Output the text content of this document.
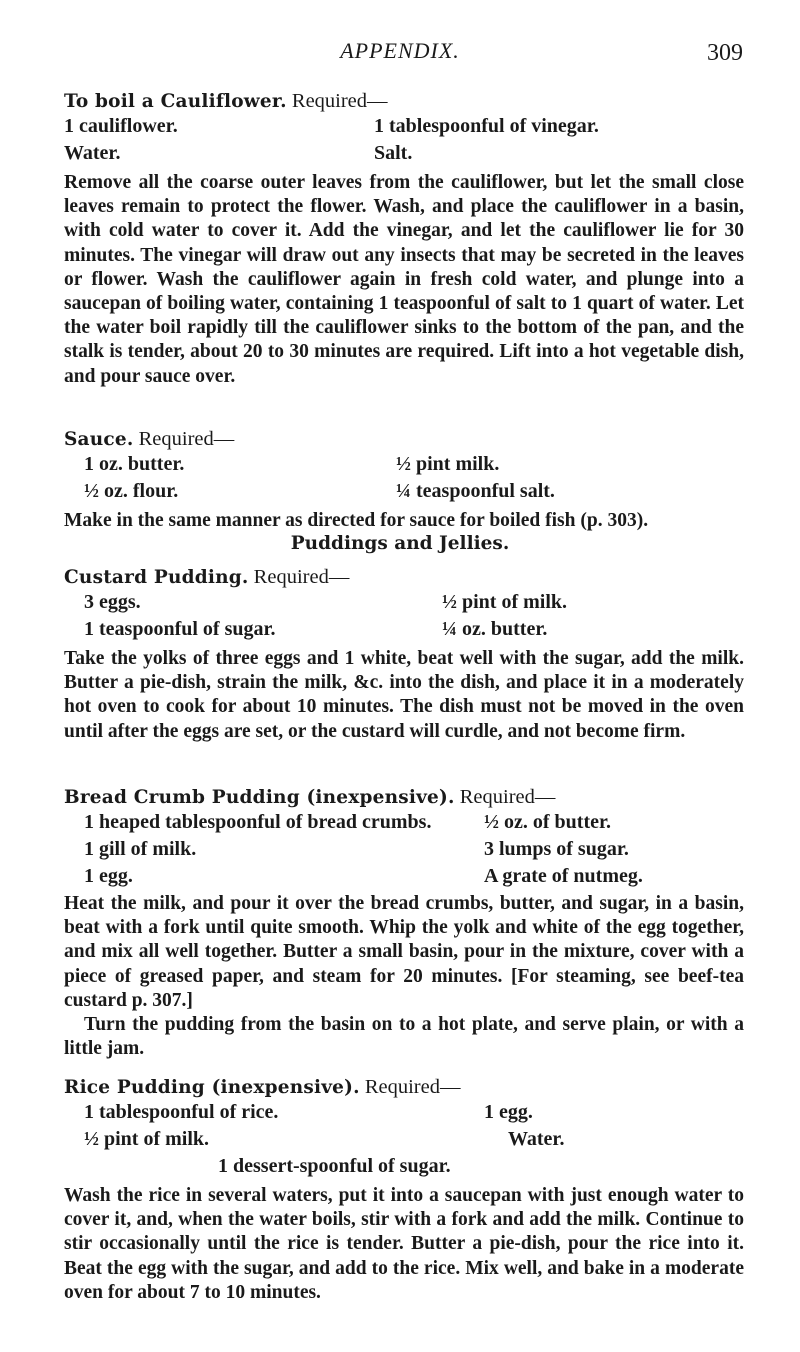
APPENDIX.	309
To boil a Cauliflower. Required—
1 cauliflower.	1 tablespoonful of vinegar.
Water.	Salt.

Remove all the coarse outer leaves from the cauliflower, but let the small close leaves remain to protect the flower. Wash, and place the cauliflower in a basin, with cold water to cover it. Add the vinegar, and let the cauliflower lie for 30 minutes. The vinegar will draw out any insects that may be secreted in the leaves or flower. Wash the cauliflower again in fresh cold water, and plunge into a saucepan of boiling water, containing 1 teaspoonful of salt to 1 quart of water. Let the water boil rapidly till the cauliflower sinks to the bottom of the pan, and the stalk is tender, about 20 to 30 minutes are required. Lift into a hot vegetable dish, and pour sauce over.

Sauce. Required—
1 oz. butter.	½ pint milk.
½ oz. flour.	¼ teaspoonful salt.

Make in the same manner as directed for sauce for boiled fish (p. 303).

Puddings and Jellies.
Custard Pudding. Required—
3 eggs.	½ pint of milk.
1 teaspoonful of sugar.	¼ oz. butter.

Take the yolks of three eggs and 1 white, beat well with the sugar, add the milk. Butter a pie-dish, strain the milk, &c. into the dish, and place it in a moderately hot oven to cook for about 10 minutes. The dish must not be moved in the oven until after the eggs are set, or the custard will curdle, and not become firm.

Bread Crumb Pudding (inexpensive). Required—
1 heaped tablespoonful of bread crumbs.	½ oz. of butter.
1 gill of milk.	3 lumps of sugar.
1 egg.	A grate of nutmeg.

Heat the milk, and pour it over the bread crumbs, butter, and sugar, in a basin, beat with a fork until quite smooth. Whip the yolk and white of the egg together, and mix all well together. Butter a small basin, pour in the mixture, cover with a piece of greased paper, and steam for 20 minutes. [For steaming, see beef-tea custard p. 307.]

Turn the pudding from the basin on to a hot plate, and serve plain, or with a little jam.

Rice Pudding (inexpensive). Required—
1 tablespoonful of rice.	1 egg.
½ pint of milk.	Water.
1 dessert-spoonful of sugar.

Wash the rice in several waters, put it into a saucepan with just enough water to cover it, and, when the water boils, stir with a fork and add the milk. Continue to stir occasionally until the rice is tender. Butter a pie-dish, pour the rice into it. Beat the egg with the sugar, and add to the rice. Mix well, and bake in a moderate oven for about 7 to 10 minutes.
